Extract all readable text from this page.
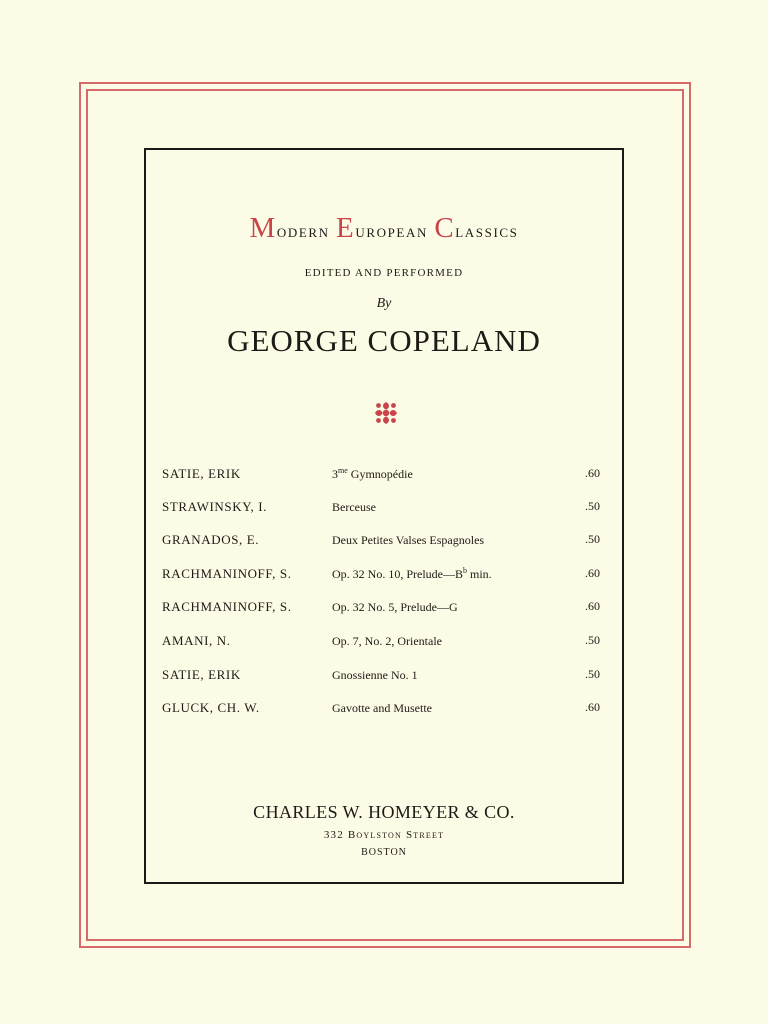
Modern European Classics
EDITED AND PERFORMED
By
GEORGE COPELAND
SATIE, ERIK	$3^{me}$ Gymnopédie	.60
STRAWINSKY, I.	Berceuse	.50
GRANADOS, E.	Deux Petites Valses Espagnoles	.50
RACHMANINOFF, S.	Op. 32 No. 10, $Prelude—B^b$ min.	.60
RACHMANINOFF, S.	Op. 32 No. 5, Prelude—G	.60
AMANI, N.	Op. 7, No. 2, Orientale	.50
SATIE, ERIK	Gnossienne No. 1	.50
GLUCK, CH. W.	Gavotte and Musette	.60
CHARLES W. HOMEYER & CO.
332 Boylston Street
BOSTON
